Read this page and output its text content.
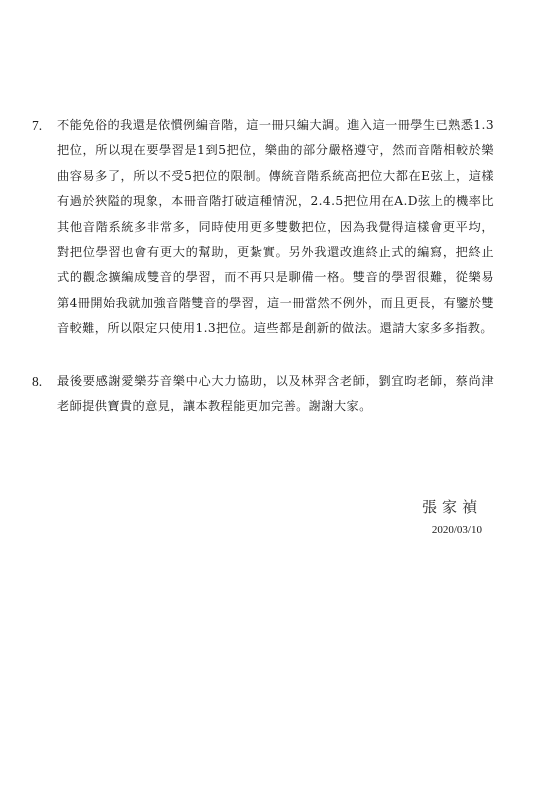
7.	不能免俗的我還是依慣例編音階，這一冊只編大調。進入這一冊學生已熟悉1.3把位，所以現在要學習是1到5把位，樂曲的部分嚴格遵守，然而音階相較於樂曲容易多了，所以不受5把位的限制。傳統音階系統高把位大都在E弦上，這樣有過於狹隘的現象，本冊音階打破這種情況，2.4.5把位用在A.D弦上的機率比其他音階系統多非常多，同時使用更多雙數把位，因為我覺得這樣會更平均，對把位學習也會有更大的幫助，更紮實。另外我還改進終止式的編寫，把終止式的觀念擴編成雙音的學習，而不再只是聊備一格。雙音的學習很難，從樂易第4冊開始我就加強音階雙音的學習，這一冊當然不例外，而且更長，有鑒於雙音較難，所以限定只使用1.3把位。這些都是創新的做法。還請大家多多指教。
8.	最後要感謝愛樂芬音樂中心大力協助，以及林羿含老師，劉宜昀老師，蔡尚津老師提供寶貴的意見，讓本教程能更加完善。謝謝大家。
張家禎
2020/03/10
